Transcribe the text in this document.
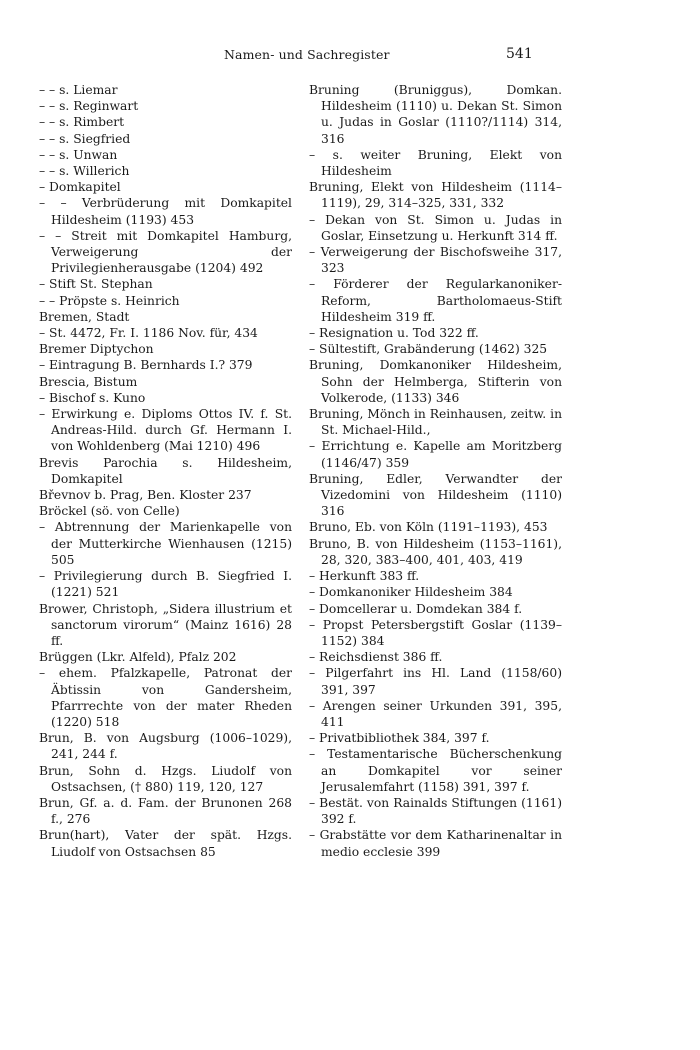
Namen- und Sachregister	541
– – s. Liemar
– – s. Reginwart
– – s. Rimbert
– – s. Siegfried
– – s. Unwan
– – s. Willerich
– Domkapitel
– – Verbrüderung mit Domkapitel Hildesheim (1193) 453
– – Streit mit Domkapitel Hamburg, Verweigerung der Privilegienherausgabe (1204) 492
– Stift St. Stephan
– – Pröpste s. Heinrich
Bremen, Stadt
– St. 4472, Fr. I. 1186 Nov. für, 434
Bremer Diptychon
– Eintragung B. Bernhards I.? 379
Brescia, Bistum
– Bischof s. Kuno
– Erwirkung e. Diploms Ottos IV. f. St. Andreas-Hild. durch Gf. Hermann I. von Wohldenberg (Mai 1210) 496
Brevis Parochia s. Hildesheim, Domkapitel
Břevnov b. Prag, Ben. Kloster 237
Bröckel (sö. von Celle)
– Abtrennung der Marienkapelle von der Mutterkirche Wienhausen (1215) 505
– Privilegierung durch B. Siegfried I. (1221) 521
Brower, Christoph, „Sidera illustrium et sanctorum virorum“ (Mainz 1616) 28 ff.
Brüggen (Lkr. Alfeld), Pfalz 202
– ehem. Pfalzkapelle, Patronat der Äbtissin von Gandersheim, Pfarrrechte von der mater Rheden (1220) 518
Brun, B. von Augsburg (1006–1029), 241, 244 f.
Brun, Sohn d. Hzgs. Liudolf von Ostsachsen, († 880) 119, 120, 127
Brun, Gf. a. d. Fam. der Brunonen 268 f., 276
Brun(hart), Vater der spät. Hzgs. Liudolf von Ostsachsen 85
Bruning (Bruniggus), Domkan. Hildesheim (1110) u. Dekan St. Simon u. Judas in Goslar (1110?/1114) 314, 316
– s. weiter Bruning, Elekt von Hildesheim
Bruning, Elekt von Hildesheim (1114–1119), 29, 314–325, 331, 332
– Dekan von St. Simon u. Judas in Goslar, Einsetzung u. Herkunft 314 ff.
– Verweigerung der Bischofsweihe 317, 323
– Förderer der Regularkanoniker-Reform, Bartholomaeus-Stift Hildesheim 319 ff.
– Resignation u. Tod 322 ff.
– Sültestift, Grabänderung (1462) 325
Bruning, Domkanoniker Hildesheim, Sohn der Helmberga, Stifterin von Volkerode, (1133) 346
Bruning, Mönch in Reinhausen, zeitw. in St. Michael-Hild.,
– Errichtung e. Kapelle am Moritzberg (1146/47) 359
Bruning, Edler, Verwandter der Vizedomini von Hildesheim (1110) 316
Bruno, Eb. von Köln (1191–1193), 453
Bruno, B. von Hildesheim (1153–1161), 28, 320, 383–400, 401, 403, 419
– Herkunft 383 ff.
– Domkanoniker Hildesheim 384
– Domcellerar u. Domdekan 384 f.
– Propst Petersbergstift Goslar (1139–1152) 384
– Reichsdienst 386 ff.
– Pilgerfahrt ins Hl. Land (1158/60) 391, 397
– Arengen seiner Urkunden 391, 395, 411
– Privatbibliothek 384, 397 f.
– Testamentarische Bücherschenkung an Domkapitel vor seiner Jerusalemfahrt (1158) 391, 397 f.
– Bestät. von Rainalds Stiftungen (1161) 392 f.
– Grabstätte vor dem Katharinenaltar in medio ecclesie 399
